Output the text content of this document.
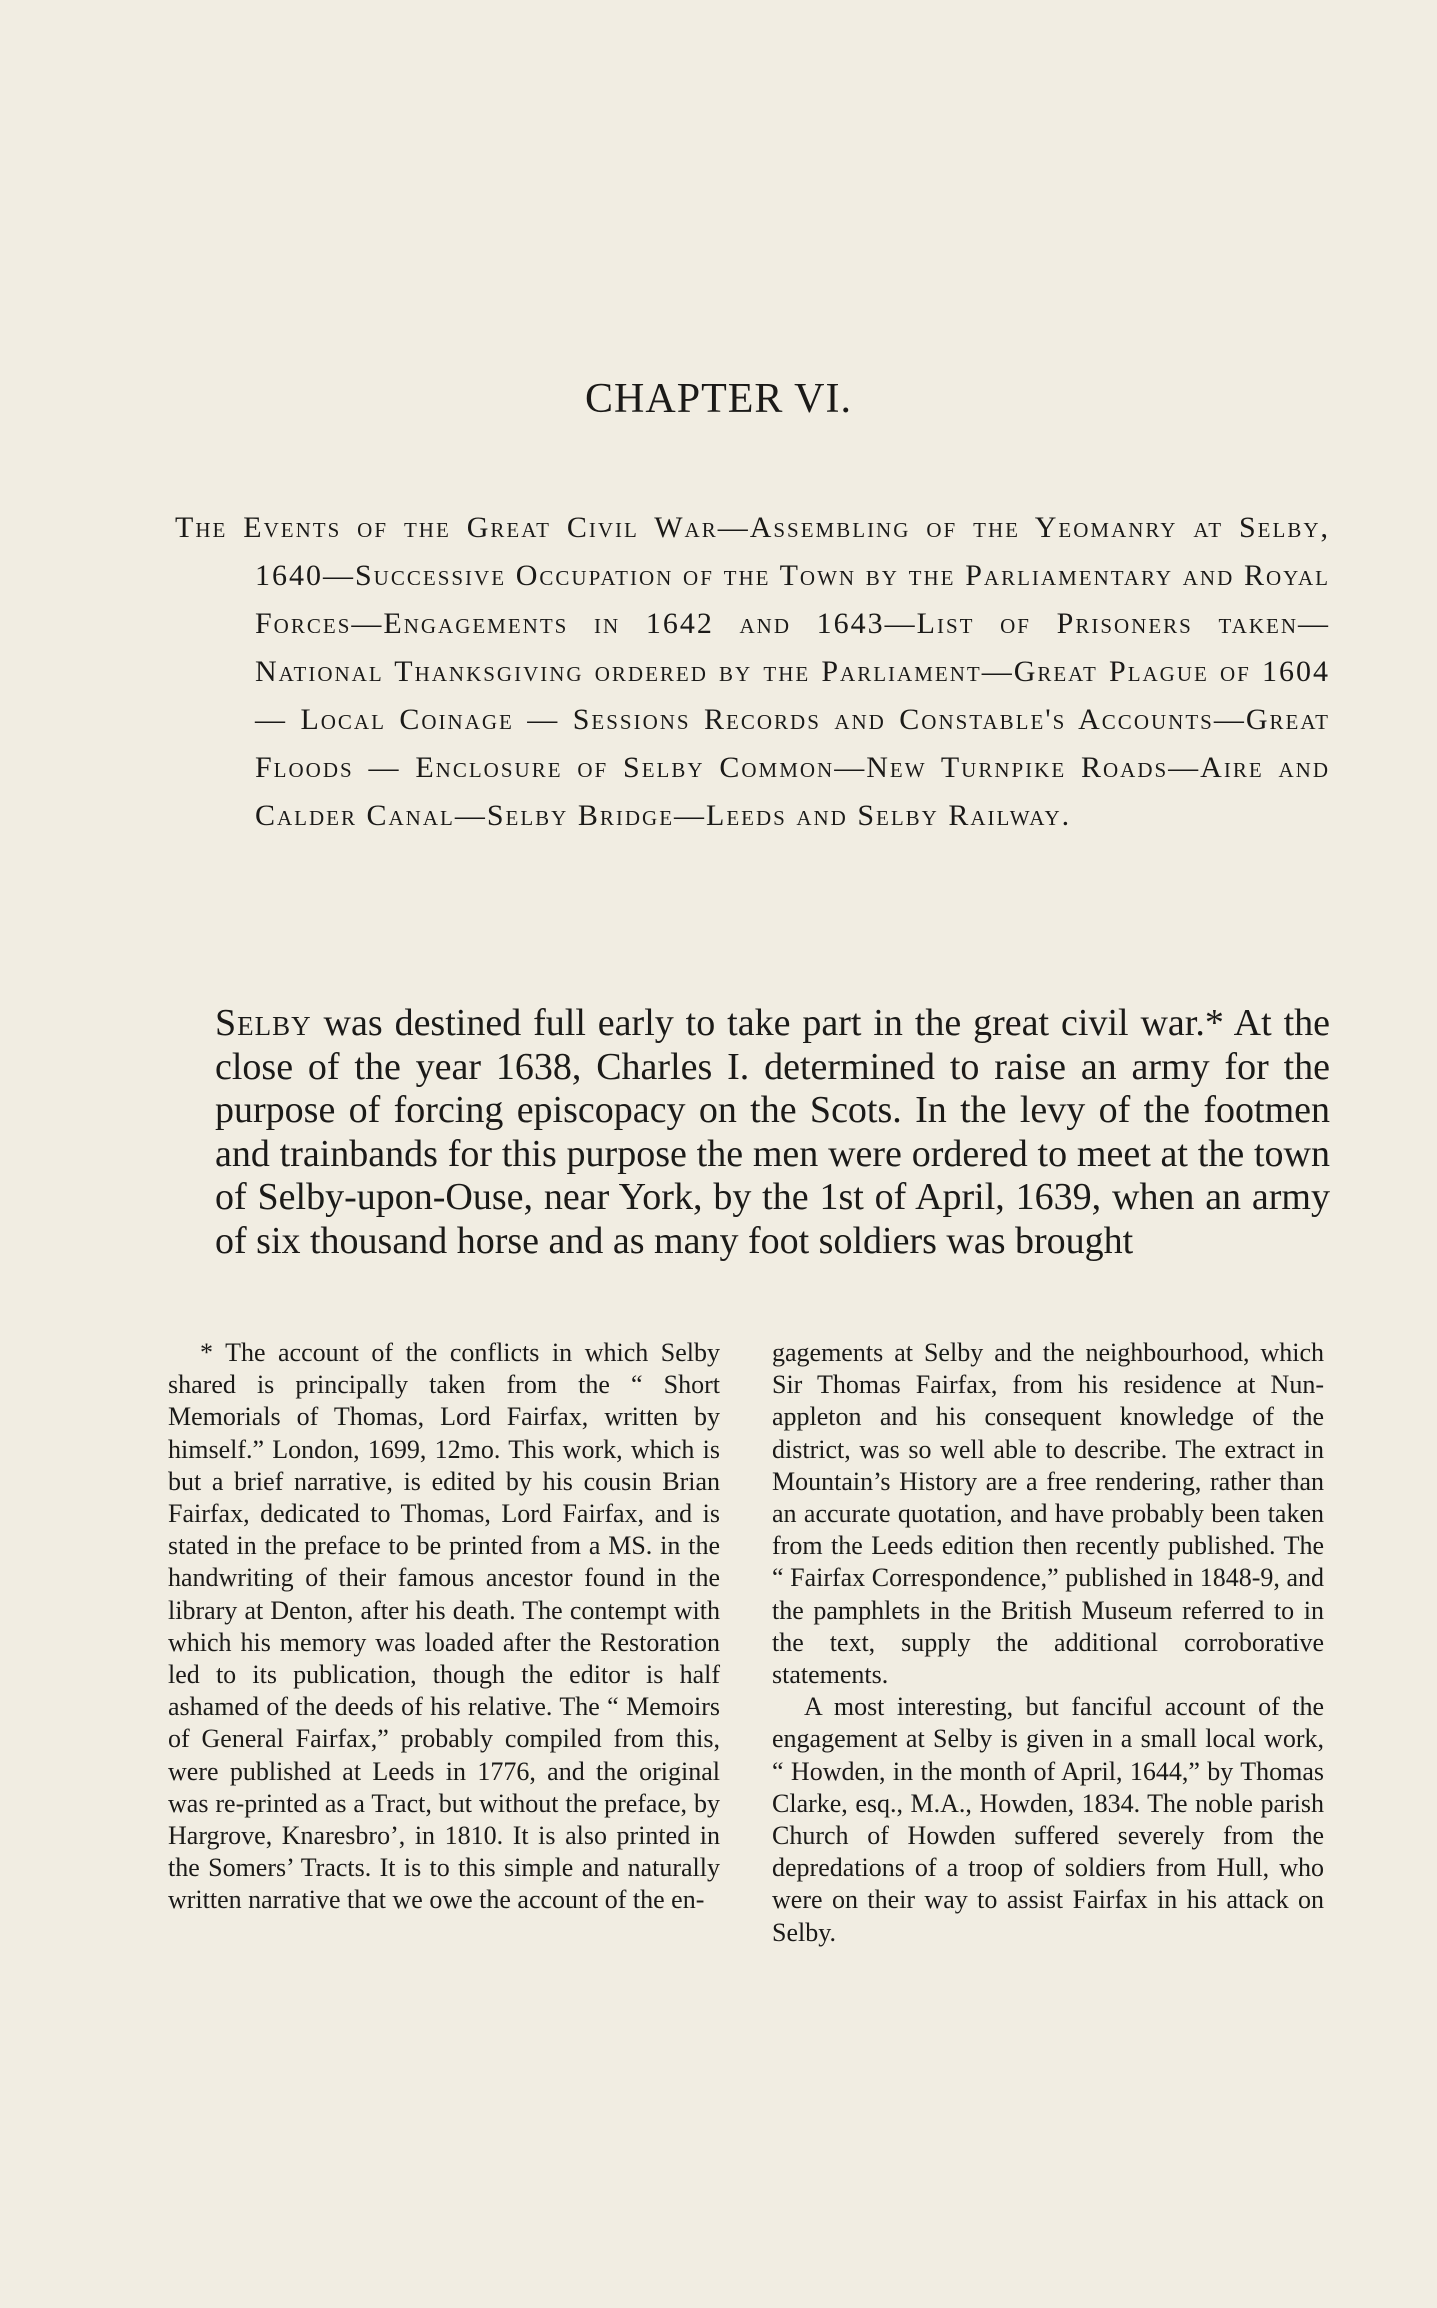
CHAPTER VI.

The Events of the Great Civil War—Assembling of the Yeomanry at Selby, 1640—Successive Occupation of the Town by the Parliamentary and Royal Forces—Engagements in 1642 and 1643—List of Prisoners taken—National Thanksgiving ordered by the Parliament—Great Plague of 1604 — Local Coinage — Sessions Records and Constable's Accounts—Great Floods — Enclosure of Selby Common—New Turnpike Roads—Aire and Calder Canal—Selby Bridge—Leeds and Selby Railway.

Selby was destined full early to take part in the great civil war.* At the close of the year 1638, Charles I. determined to raise an army for the purpose of forcing episcopacy on the Scots. In the levy of the footmen and trainbands for this purpose the men were ordered to meet at the town of Selby-upon-Ouse, near York, by the 1st of April, 1639, when an army of six thousand horse and as many foot soldiers was brought

* The account of the conflicts in which Selby shared is principally taken from the “ Short Memorials of Thomas, Lord Fairfax, written by himself.” London, 1699, 12mo. This work, which is but a brief narrative, is edited by his cousin Brian Fairfax, dedicated to Thomas, Lord Fairfax, and is stated in the preface to be printed from a MS. in the handwriting of their famous ancestor found in the library at Denton, after his death. The contempt with which his memory was loaded after the Restoration led to its publication, though the editor is half ashamed of the deeds of his relative. The “ Memoirs of General Fairfax,” probably compiled from this, were published at Leeds in 1776, and the original was re-printed as a Tract, but without the preface, by Hargrove, Knaresbro’, in 1810. It is also printed in the Somers’ Tracts. It is to this simple and naturally written narrative that we owe the account of the en-

gagements at Selby and the neighbourhood, which Sir Thomas Fairfax, from his residence at Nun-appleton and his consequent knowledge of the district, was so well able to describe. The extract in Mountain’s History are a free rendering, rather than an accurate quotation, and have probably been taken from the Leeds edition then recently published. The “ Fairfax Correspondence,” published in 1848-9, and the pamphlets in the British Museum referred to in the text, supply the additional corroborative statements.

A most interesting, but fanciful account of the engagement at Selby is given in a small local work, “ Howden, in the month of April, 1644,” by Thomas Clarke, esq., M.A., Howden, 1834. The noble parish Church of Howden suffered severely from the depredations of a troop of soldiers from Hull, who were on their way to assist Fairfax in his attack on Selby.
